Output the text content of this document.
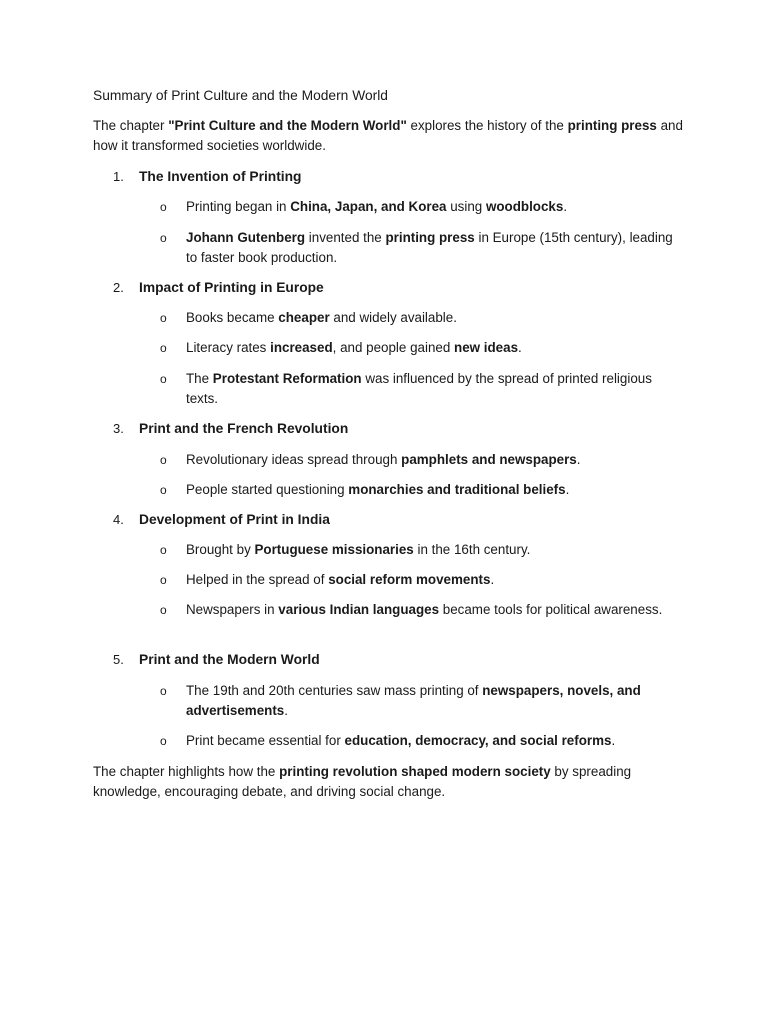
Summary of Print Culture and the Modern World
The chapter "Print Culture and the Modern World" explores the history of the printing press and how it transformed societies worldwide.
1. The Invention of Printing
o Printing began in China, Japan, and Korea using woodblocks.
o Johann Gutenberg invented the printing press in Europe (15th century), leading to faster book production.
2. Impact of Printing in Europe
o Books became cheaper and widely available.
o Literacy rates increased, and people gained new ideas.
o The Protestant Reformation was influenced by the spread of printed religious texts.
3. Print and the French Revolution
o Revolutionary ideas spread through pamphlets and newspapers.
o People started questioning monarchies and traditional beliefs.
4. Development of Print in India
o Brought by Portuguese missionaries in the 16th century.
o Helped in the spread of social reform movements.
o Newspapers in various Indian languages became tools for political awareness.
5. Print and the Modern World
o The 19th and 20th centuries saw mass printing of newspapers, novels, and advertisements.
o Print became essential for education, democracy, and social reforms.
The chapter highlights how the printing revolution shaped modern society by spreading knowledge, encouraging debate, and driving social change.
